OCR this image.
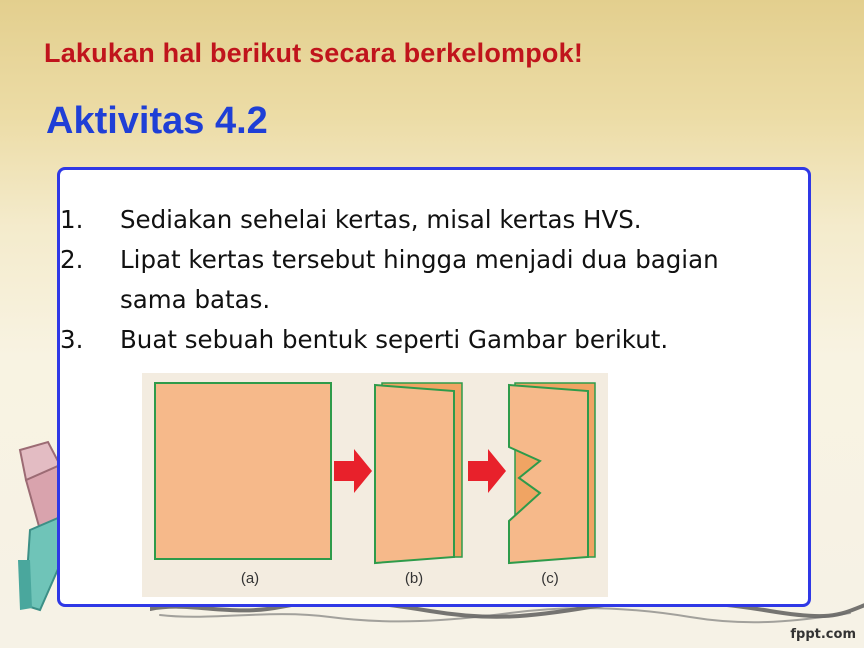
Lakukan hal berikut secara berkelompok!
Aktivitas 4.2
1. Sediakan sehelai kertas, misal kertas HVS.
2. Lipat kertas tersebut hingga menjadi dua bagian sama batas.
3. Buat sebuah bentuk seperti Gambar berikut.
(a)	(b)	(c)
fppt.com
